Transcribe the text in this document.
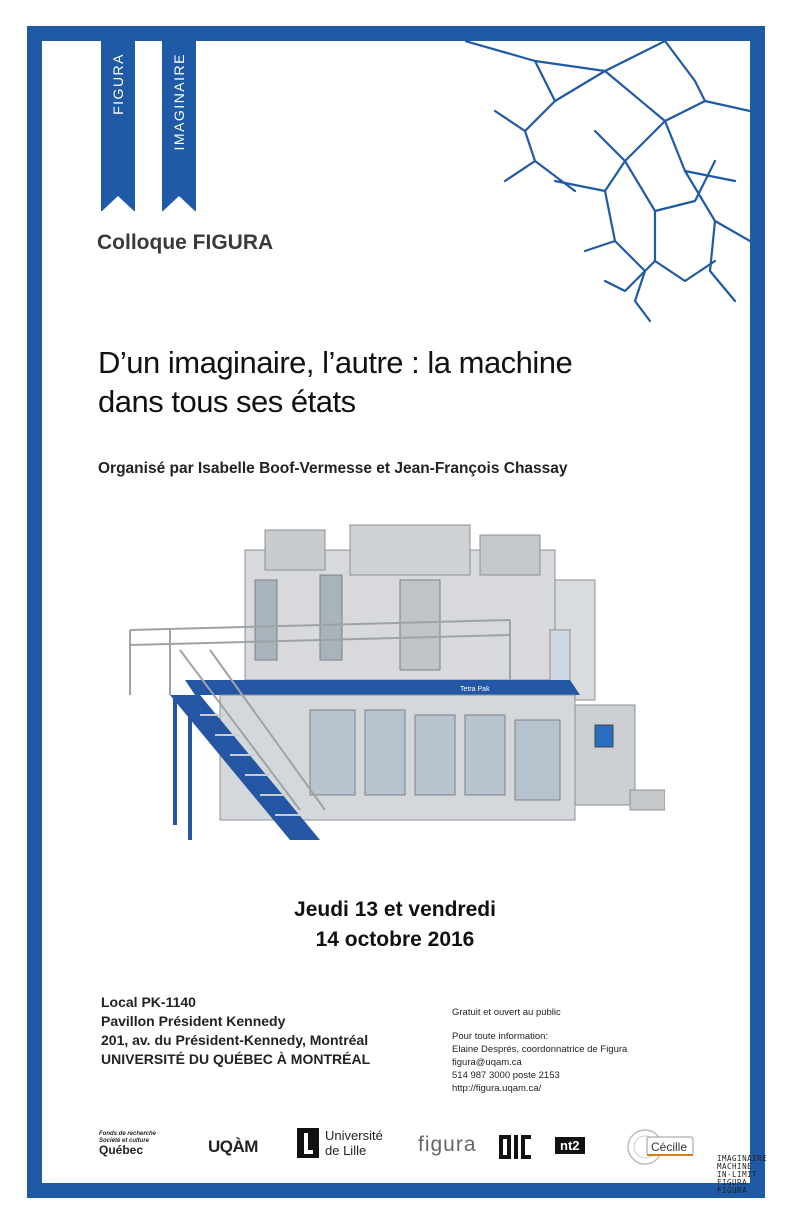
FIGURA	IMAGINAIRE
Colloque FIGURA
D’un imaginaire, l’autre : la machine
dans tous ses états
Organisé par Isabelle Boof-Vermesse et Jean-François Chassay
Tetra Pak
Jeudi 13 et vendredi
14 octobre 2016
Local PK-1140
Pavillon Président Kennedy
201, av. du Président-Kennedy, Montréal
UNIVERSITÉ DU QUÉBEC À MONTRÉAL
Gratuit et ouvert au public
Pour toute information:
Elaine Després, coordonnatrice de Figura
figura@uqam.ca
514 987 3000 poste 2153
http://figura.uqam.ca/
Fonds de recherche
Société et culture
Québec	UQÀM
Université
de Lille	figura	nt2	Cécille
IMAGINAIRE
MACHINE
IN-LIMIT
FIGURA
FIGURA
